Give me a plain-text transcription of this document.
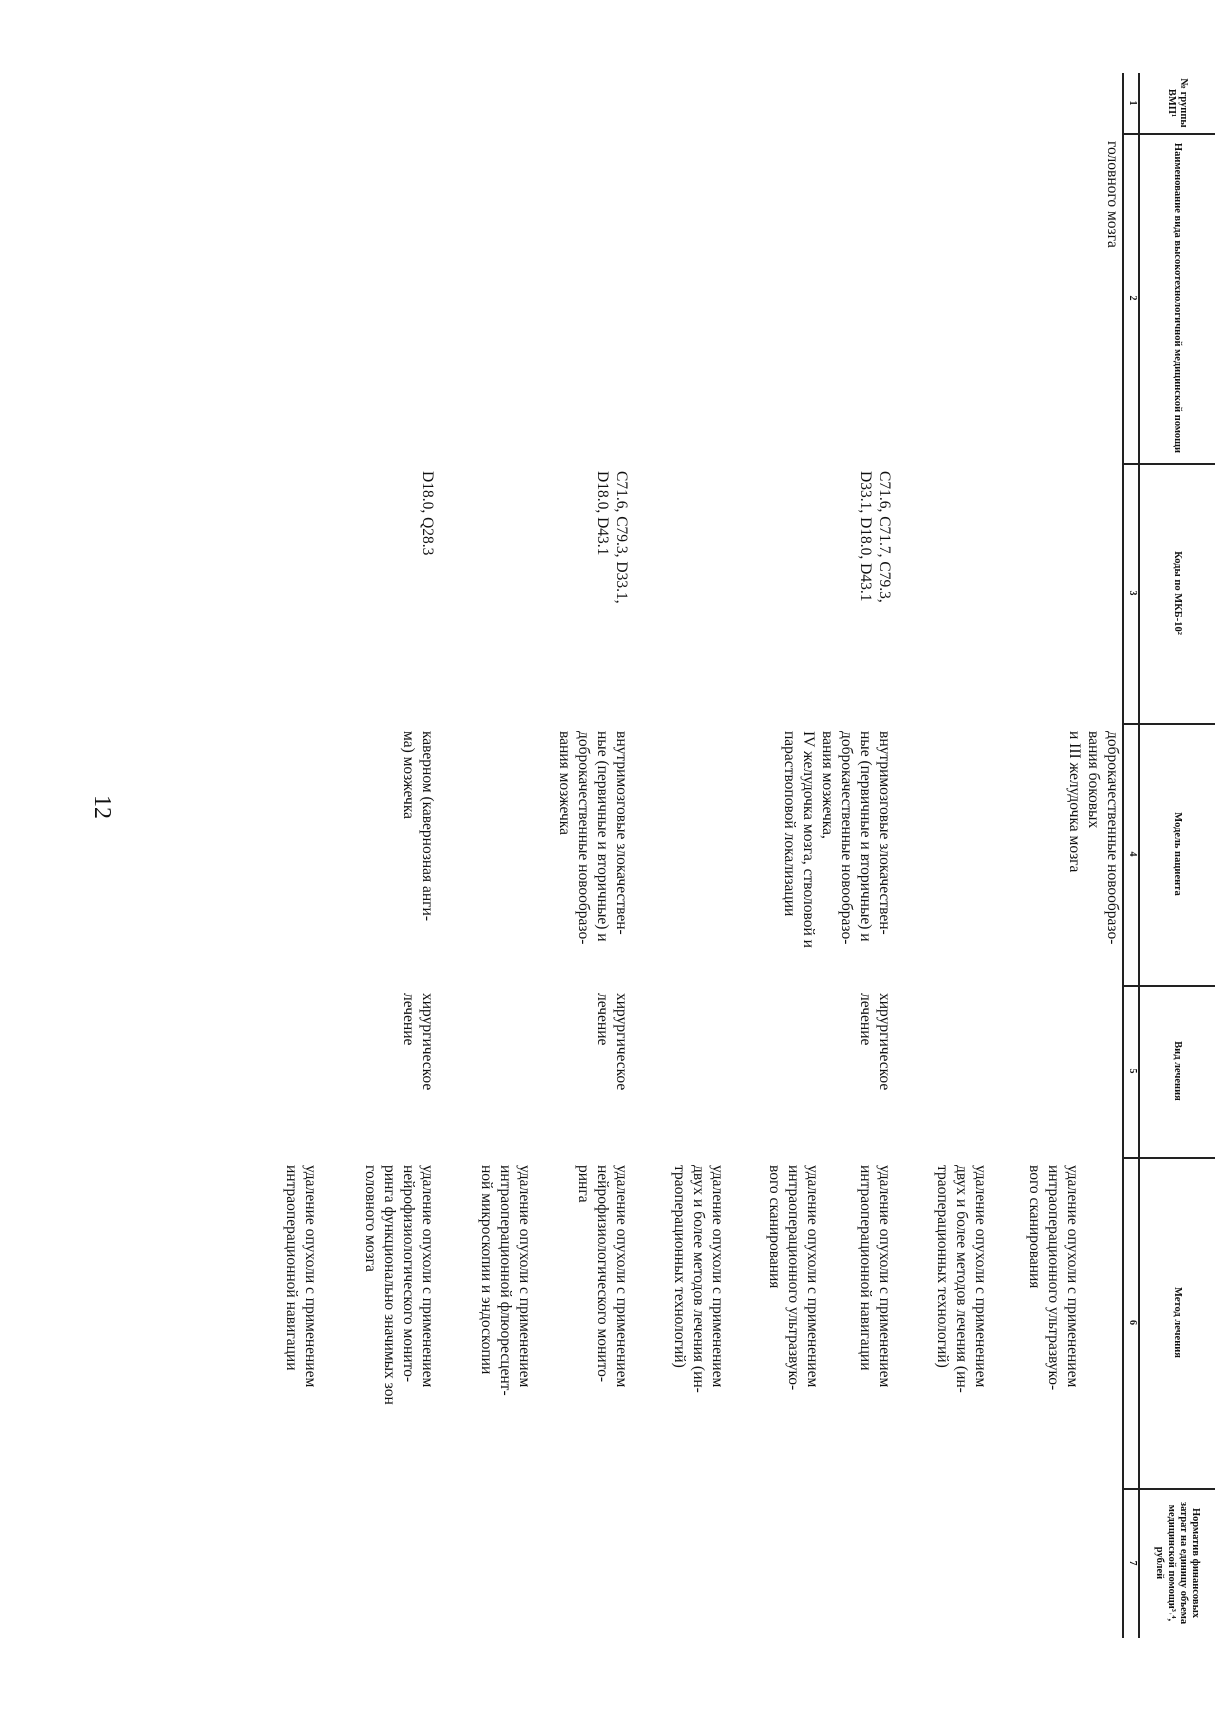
12
№ группы ВМП¹
Наименование вида высокотехнологичной медицинской помощи
Коды по МКБ-10²
Модель пациента
Вид лечения
Метод лечения
Норматив финансовых затрат на единицу объема медицинской помощи³˒⁴, рублей
1
2
3
4
5
6
7
головного мозга
доброкачественные новообразо-
вания боковых
и III желудочка мозга
удаление опухоли с применением
интраоперационного ультразвуко-
вого сканирования
удаление опухоли с применением
двух и более методов лечения (ин-
траоперационных технологий)
C71.6, C71.7, C79.3,
D33.1, D18.0, D43.1
внутримозговые злокачествен-
ные (первичные и вторичные) и
доброкачественные новообразо-
вания мозжечка,
IV желудочка мозга, стволовой и
параствоповой локализации
хирургическое
лечение
удаление опухоли с применением
интраоперационной навигации
удаление опухоли с применением
интраоперационного ультразвуко-
вого сканирования
удаление опухоли с применением
двух и более методов лечения (ин-
траоперационных технологий)
C71.6, C79.3, D33.1,
D18.0, D43.1
внутримозговые злокачествен-
ные (первичные и вторичные) и
доброкачественные новообразо-
вания мозжечка
хирургическое
лечение
удаление опухоли с применением
нейрофизиологического монито-
ринга
удаление опухоли с применением
интраоперационной флюоресцент-
ной микроскопии и эндоскопии
D18.0, Q28.3
каверном (кавернозная анги-
ма) мозжечка
хирургическое
лечение
удаление опухоли с применением
нейрофизиологического монито-
ринга функционально значимых зон
головного мозга
удаление опухоли с применением
интраоперационной навигации
